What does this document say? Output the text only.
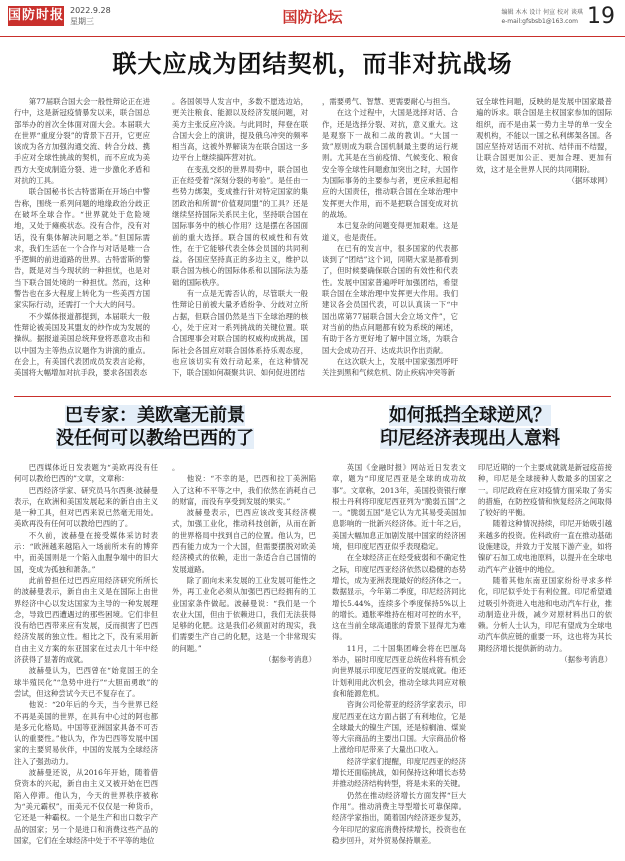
国防时报 2022.9.28
星期三	国防论坛	编辑 木木 设计 何宣 校对 谈琪
e-mail:gfsbsb1@163.com 19
联大应成为团结契机，而非对抗战场

第77届联合国大会一般性辩论正在进行中，这是新冠疫情暴发以来，联合国总部举办的首次全体面对面大会。本届联大在世界“重度分裂”的背景下召开，它更应该成为各方加强沟通交流、转合分歧、携手应对全球性挑战的契机，而不应成为美西方大变成制造分裂、进一步激化矛盾和对抗的工具。

联合国秘书长古特雷斯在开场白中警告称，围绕一系列问题的地缘政治分歧正在破坏全球合作。“世界就处于危险境地，又处于瘫痪状态。没有合作，没有对话，没有集体解决问题之举。”但国际需求，我们生活在一个合作与对话是唯一合乎逻辑的前进道路的世界。古特雷斯的警告，既是对当今现状的一种担忧，也是对当下联合国处境的一种担忧。然而，这种警告也在多大程度上转化为一些美西方国家实际行动，还需打一个大大的问号。

不少媒体报道都提到，本届联大一般性辩论被美国及其盟友的炒作成为发展的操纵。据报道美国总统拜登将恶意攻击和以中国为主等热点议题作为讲演的重点。在会上，有美国代表团成员发表言论称，美国将大幅增加对抗手段，要求各国表态

。各国领导人发言中，多数不愿选边站，更关注粮食、能源以及经济发展问题，对美方主张反应冷淡。与此同时，拜登在联合国大会上的演讲，提及俄乌冲突的频率相当高，这被外界解读为在联合国这一多边平台上继续搞阵营对抗。

在变乱交织的世界局势中，联合国也正在经受着“深刻分裂的考验”。是任由一些势力绑架，变成推行针对特定国家的集团政治和所谓“价值观同盟”的工具？还是继续坚持国际关系民主化，坚持联合国在国际事务中的核心作用？这是摆在各国面前的重大选择。联合国的权威性和有效性，在于它能够代表全体会员国的共同利益。各国应坚持真正的多边主义，维护以联合国为核心的国际体系和以国际法为基础的国际秩序。

有一点是无需否认的，尽管联大一般性辩论日前被大量矛盾纷争、分歧对立所占据，但联合国仍然是当下全球治理的核心，处于应对一系列挑战的关键位置。联合国理事会对联合国的权威构成挑战，国际社会各国应对联合国体系持乐观态度，也应该切实有效行动起来，在这种情况下，联合国如何凝聚共识、如何促进团结

，需要勇气、智慧、更需要耐心与担当。

在这个过程中，大国是选择对话、合作，还是选择分裂、对抗，意义重大。这是观察下一战和二战的教训。“大国一致”原则成为联合国机制最主要的运行规则。尤其是在当前疫情、气候变化、粮食安全等全球性问题愈加突出之时，大国作为国际事务的主要参与者，更应承担起相应的大国责任，推动联合国在全球治理中发挥更大作用，而不是把联合国变成对抗的战场。

本已复杂的问题变得更加艰难。这是道义，也是责任。

在已有的发言中，很多国家的代表都谈到了“团结”这个词，同期大家是都看到了，但时候要确保联合国的有效性和代表性。发展中国家普遍呼吁加强团结，希望联合国在全球治理中发挥更大作用。我们建议各会员国代表，可以认真读一下“中国出席第77届联合国大会立场文件”，它对当前的热点问题都有较为系统的阐述，有助于各方更好地了解中国立场，为联合国大会成功召开、达成共识作出贡献。

在这次联大上，发展中国家强烈呼吁关注到黑和气候危机、防止疾病冲突等新

冠全球性问题，反映的是发展中国家最普遍的诉求。联合国是主权国家参加的国际组织，而不是由某一势力主导的单一安全观机构，不能以一国之私利绑架各国。各国应坚持对话而不对抗、结伴而不结盟，让联合国更加公正、更加合理、更加有效，这才是全世界人民的共同期盼。

（据环球网）

巴专家：美欧毫无前景
没任何可以教给巴西的了
如何抵挡全球逆风？
印尼经济表现出人意料

巴西媒体近日发表题为“美欧再没有任何可以教给巴西的”文章，文章称：

巴西经济学家、研究员马尔西奥·波赫曼表示，在欧洲和美国发展起来的新自由主义是一种工具，但对巴西来说已然毫无用处。美欧再没有任何可以教给巴西的了。

不久前，波赫曼在接受媒体采访时表示：“欧洲越来越陷入一场前所未有的博弈中，而美国则是一个陷入血腥争端中的旧大国，变成为孤独和萧条。”

此前曾担任过巴西应用经济研究所所长的波赫曼表示，新自由主义是在国际上由世界经济中心以发达国家为主导的一种发展理念，导致巴西遭遇过的那些困境。它们非但没有给巴西带来应有发展，反而损害了巴西经济发展的独立性。相比之下，没有采用新自由主义方案的东亚国家在过去几十年中经济获得了显著的成就。

波赫曼认为，巴西曾在“始竟国王的全球半殖民化”“急势中进行”“大胆而勇敢”的尝试，但这种尝试今天已不复存在了。

他说：“20年后的今天，当今世界已经不再是美国的世界，在具有中心过的阿也都是多元化格局。中国等亚洲国家具备不可否认的重要性。”他认为，作为巴西等发展中国家的主要贸易伙伴，中国的发展为全球经济注入了强劲动力。

波赫曼还说，从2016年开始，随着借贷资本的兴起，新自由主义又被开始在巴西陷入停滞。他认为，今天的世界秩序被称为“美元霸权”，而美元不仅仅是一种货币，它还是一种霸权。一个是生产和出口数字产品的国家；另一个是进口和消费这些产品的国家，它们在全球经济中处于不平等的地位

。

他说：“不幸的是，巴西和拉丁美洲陷入了这种不平等之中，我们依然在消耗自己的财富，而没有享受到发展的果实。”

波赫曼表示，巴西应该改变其经济模式，加强工业化，推动科技创新，从而在新的世界格局中找到自己的位置。他认为，巴西有能力成为一个大国，但需要摆脱对欧美经济模式的依赖，走出一条适合自己国情的发展道路。

除了面向未来发展的工业发展可能性之外，再工业化必须从加强巴西已经拥有的工业国家条件做起。波赫曼说：“我们是一个农业大国，但由于依赖进口，我们无法获得足够的化肥。这是我们必须面对的现实，我们需要生产自己的化肥，这是一个非常现实的问题。”

（据参考消息）

英国《金融时报》网站近日发表文章，题为“印度尼西亚是全球的成功故事”。文章称，2013年，美国投资银行摩根士丹利将印度尼西亚列为“脆弱五国”之一。“脆弱五国”是它认为尤其易受美国加息影响的一批新兴经济体。近十年之后，美国大幅加息正加剧发展中国家的经济困境，但印度尼西亚似乎表现稳定。

在全球经济正在经受疲弱和不确定性之际，印度尼西亚经济依然以稳健的态势增长，成为亚洲表现最好的经济体之一。数据显示，今年第二季度，印尼经济同比增长5.44%，连续多个季度保持5%以上的增长。通胀率维持在相对可控的水平，这在当前全球高通胀的背景下显得尤为难得。

11月，二十国集团峰会将在巴厘岛举办，届时印度尼西亚总统佐科将有机会向世界展示印度尼西亚的发展成就。他还计划利用此次机会，推动全球共同应对粮食和能源危机。

咨询公司伦蒂亚的经济学家表示，印度尼西亚在这方面占据了有利地位，它是全球最大的镍生产国，还是棕榈油、煤炭等大宗商品的主要出口国。大宗商品价格上涨给印尼带来了大量出口收入。

经济学家们提醒，印度尼西亚的经济增长还面临挑战，如何保持这种增长态势并推动经济结构转型，将是未来的关键。

仍然在推动经济增长方面发挥“巨大作用”。推动消费主导型增长可靠保障。经济学家指出，随着国内经济逐步复苏，今年印尼的家庭消费持续增长，投资也在稳步回升，对外贸易保持顺差。

印尼近期的一个主要成就就是新冠疫苗接种，印尼是全球接种人数最多的国家之一。印尼政府在应对疫情方面采取了务实的措施，在防控疫情和恢复经济之间取得了较好的平衡。

随着这种情况持续，印尼开始吸引越来越多的投资。佐科政府一直在推动基础设施建设，并致力于发展下游产业，如将镍矿石加工成电池原料，以提升在全球电动汽车产业链中的地位。

随着其他东南亚国家纷纷寻求多样化，印尼似乎处于有利位置。印尼希望通过吸引外资进入电池和电动汽车行业，推动制造业升级，减少对原材料出口的依赖。分析人士认为，印尼有望成为全球电动汽车供应链的重要一环，这也将为其长期经济增长提供新的动力。

（据参考消息）
